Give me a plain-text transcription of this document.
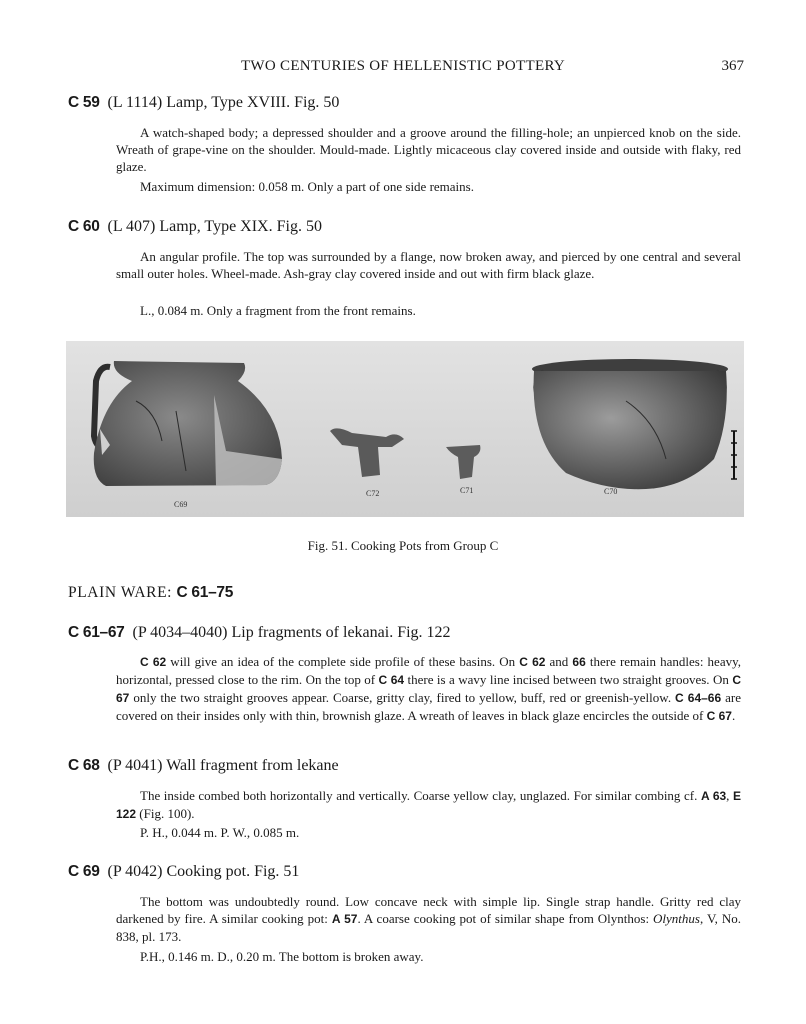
TWO CENTURIES OF HELLENISTIC POTTERY	367
C 59 (L 1114) Lamp, Type XVIII. Fig. 50
A watch-shaped body; a depressed shoulder and a groove around the filling-hole; an unpierced knob on the side. Wreath of grape-vine on the shoulder. Mould-made. Lightly micaceous clay covered inside and outside with flaky, red glaze.
Maximum dimension: 0.058 m. Only a part of one side remains.
C 60 (L 407) Lamp, Type XIX. Fig. 50
An angular profile. The top was surrounded by a flange, now broken away, and pierced by one central and several small outer holes. Wheel-made. Ash-gray clay covered inside and out with firm black glaze.
L., 0.084 m. Only a fragment from the front remains.
C69
C72	C71	C70
Fig. 51. Cooking Pots from Group C
PLAIN WARE: C 61–75
C 61–67 (P 4034–4040) Lip fragments of lekanai. Fig. 122
C 62 will give an idea of the complete side profile of these basins. On C 62 and 66 there remain handles: heavy, horizontal, pressed close to the rim. On the top of C 64 there is a wavy line incised between two straight grooves. On C 67 only the two straight grooves appear. Coarse, gritty clay, fired to yellow, buff, red or greenish-yellow. C 64–66 are covered on their insides only with thin, brownish glaze. A wreath of leaves in black glaze encircles the outside of C 67.
C 68 (P 4041) Wall fragment from lekane
The inside combed both horizontally and vertically. Coarse yellow clay, unglazed. For similar combing cf. A 63, E 122 (Fig. 100).
P. H., 0.044 m. P. W., 0.085 m.
C 69 (P 4042) Cooking pot. Fig. 51
The bottom was undoubtedly round. Low concave neck with simple lip. Single strap handle. Gritty red clay darkened by fire. A similar cooking pot: A 57. A coarse cooking pot of similar shape from Olynthos: Olynthus, V, No. 838, pl. 173.
P.H., 0.146 m. D., 0.20 m. The bottom is broken away.
